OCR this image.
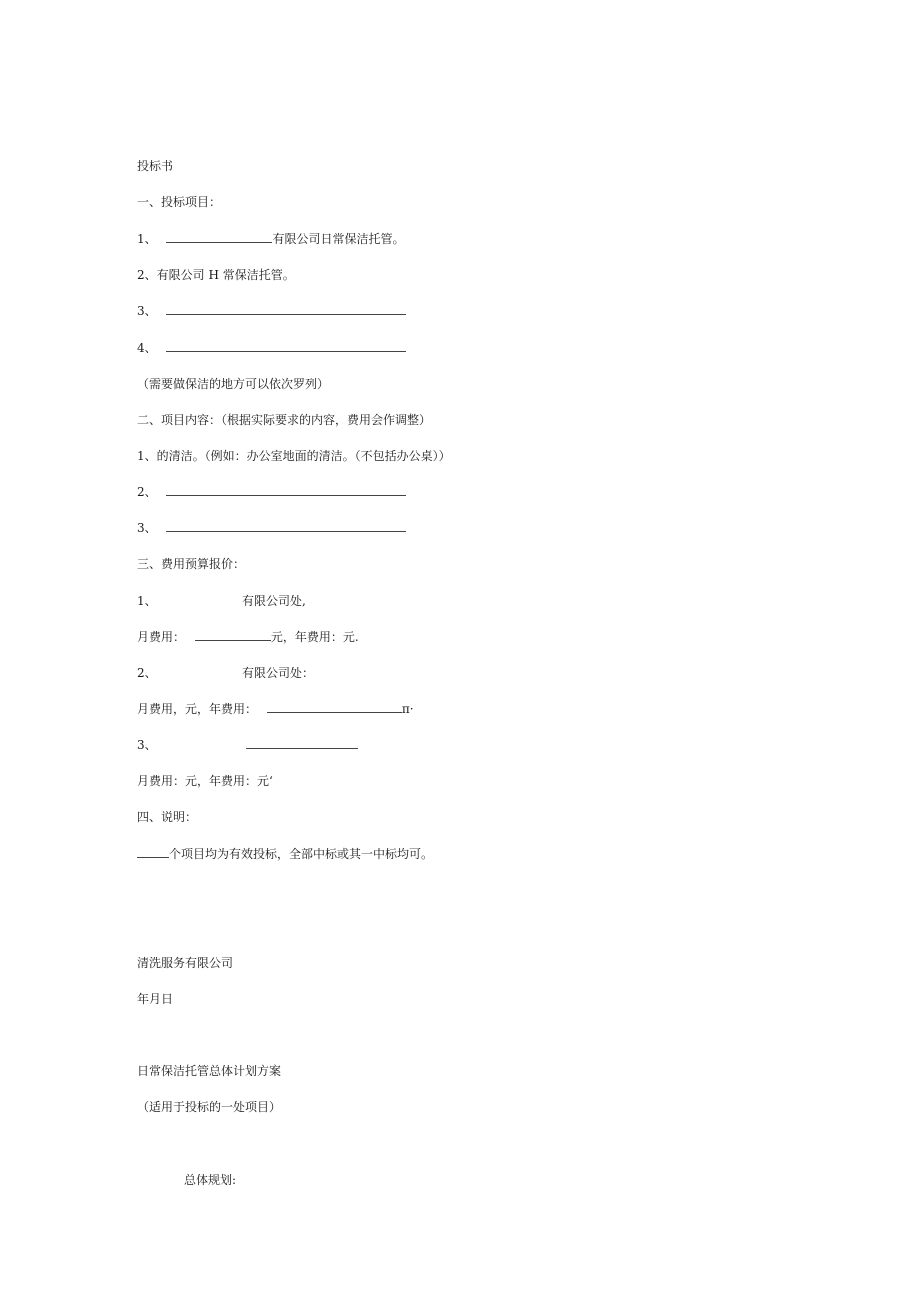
投标书
一、投标项目：
1、	有限公司日常保洁托管。
2、有限公司 H 常保洁托管。
3、
4、
（需要做保洁的地方可以依次罗列）
二、项目内容：（根据实际要求的内容，费用会作调整）
1、的清洁。（例如：办公室地面的清洁。（不包括办公桌））
2、
3、
三、费用预算报价：
1、	有限公司处,
月费用：	元，年费用：元.
2、	有限公司处：
月费用，元，年费用：	π·
3、
月费用：元，年费用：元‘
四、说明：
个项目均为有效投标，全部中标或其一中标均可。
清洗服务有限公司
年月日
日常保洁托管总体计划方案
（适用于投标的一处项目）
总体规划:
